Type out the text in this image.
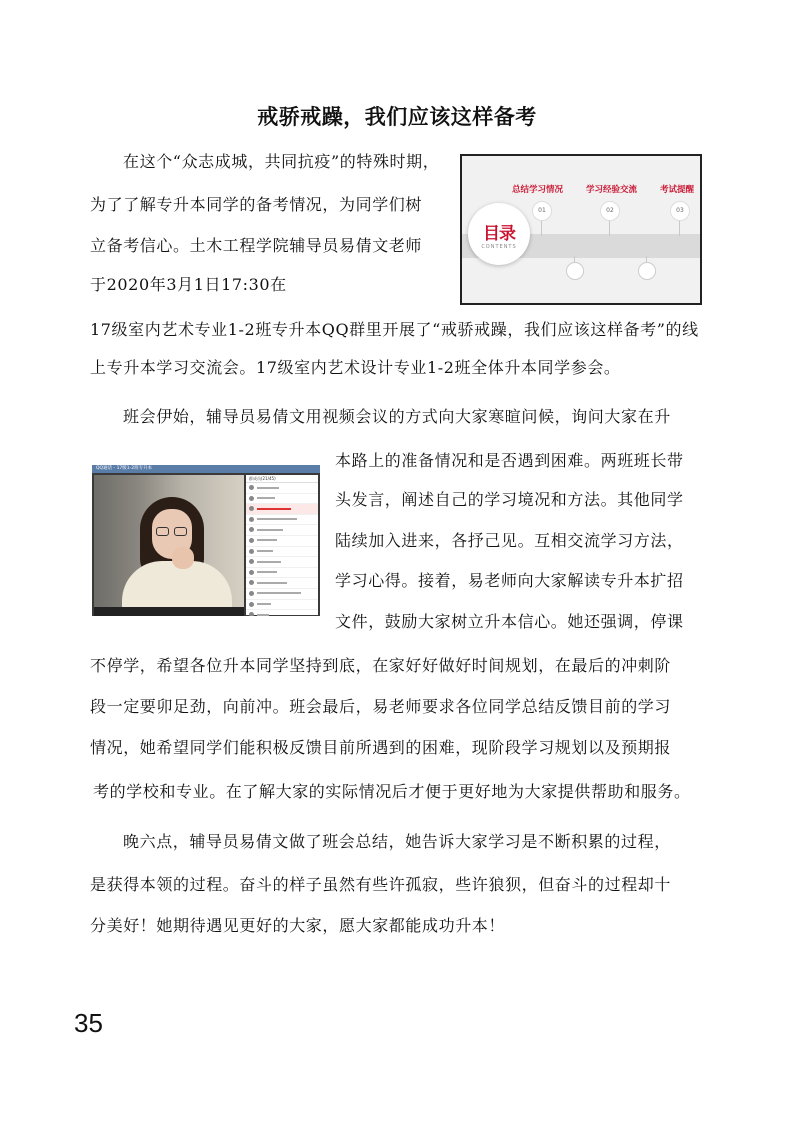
戒骄戒躁，我们应该这样备考
在这个“众志成城，共同抗疫”的特殊时期，
为了了解专升本同学的备考情况，为同学们树
立备考信心。土木工程学院辅导员易倩文老师
于2020年3月1日17:30在
17级室内艺术专业1-2班专升本QQ群里开展了“戒骄戒躁，我们应该这样备考”的线
上专升本学习交流会。17级室内艺术设计专业1-2班全体升本同学参会。
总结学习情况	学习经验交流	考试提醒
01	02	03
目录
CONTENTS
班会伊始，辅导员易倩文用视频会议的方式向大家寒暄问候，询问大家在升
本路上的准备情况和是否遇到困难。两班班长带
头发言，阐述自己的学习境况和方法。其他同学
陆续加入进来，各抒己见。互相交流学习方法，
学习心得。接着，易老师向大家解读专升本扩招
文件，鼓励大家树立升本信心。她还强调，停课
不停学，希望各位升本同学坚持到底，在家好好做好时间规划，在最后的冲刺阶
段一定要卯足劲，向前冲。班会最后，易老师要求各位同学总结反馈目前的学习
情况，她希望同学们能积极反馈目前所遇到的困难，现阶段学习规划以及预期报
考的学校和专业。在了解大家的实际情况后才便于更好地为大家提供帮助和服务。
QQ通话 - 17级1-2班专升本
群成员(21/45)
晚六点，辅导员易倩文做了班会总结，她告诉大家学习是不断积累的过程，
是获得本领的过程。奋斗的样子虽然有些许孤寂，些许狼狈，但奋斗的过程却十
分美好！她期待遇见更好的大家，愿大家都能成功升本！
35
